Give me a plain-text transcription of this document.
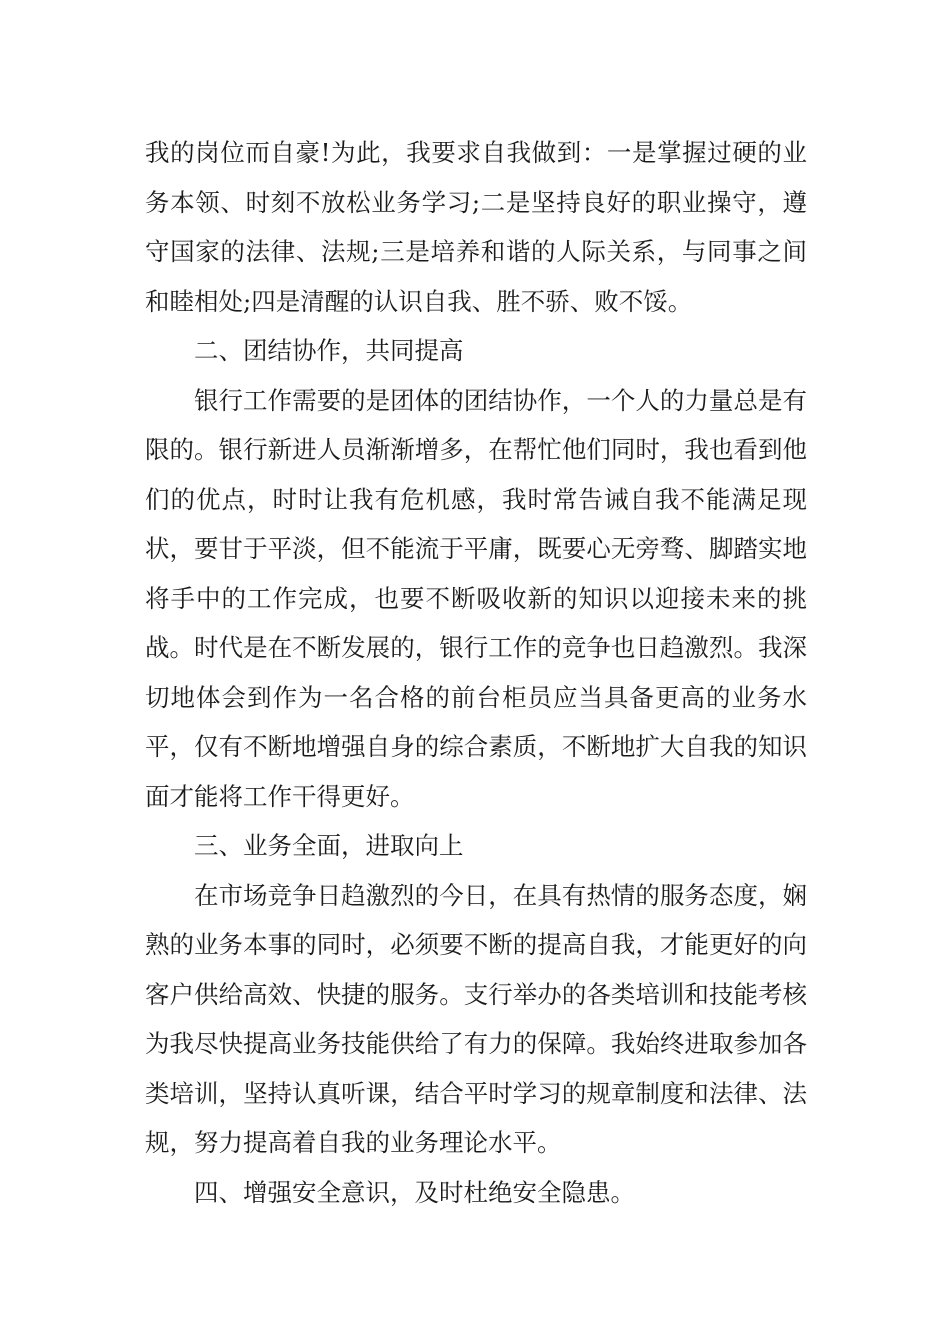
我的岗位而自豪!为此，我要求自我做到：一是掌握过硬的业务本领、时刻不放松业务学习;二是坚持良好的职业操守，遵守国家的法律、法规;三是培养和谐的人际关系，与同事之间和睦相处;四是清醒的认识自我、胜不骄、败不馁。

二、团结协作，共同提高

银行工作需要的是团体的团结协作，一个人的力量总是有限的。银行新进人员渐渐增多，在帮忙他们同时，我也看到他们的优点，时时让我有危机感，我时常告诫自我不能满足现状，要甘于平淡，但不能流于平庸，既要心无旁骛、脚踏实地将手中的工作完成，也要不断吸收新的知识以迎接未来的挑战。时代是在不断发展的，银行工作的竞争也日趋激烈。我深切地体会到作为一名合格的前台柜员应当具备更高的业务水平，仅有不断地增强自身的综合素质，不断地扩大自我的知识面才能将工作干得更好。

三、业务全面，进取向上

在市场竞争日趋激烈的今日，在具有热情的服务态度，娴熟的业务本事的同时，必须要不断的提高自我，才能更好的向客户供给高效、快捷的服务。支行举办的各类培训和技能考核为我尽快提高业务技能供给了有力的保障。我始终进取参加各类培训，坚持认真听课，结合平时学习的规章制度和法律、法规，努力提高着自我的业务理论水平。

四、增强安全意识，及时杜绝安全隐患。
